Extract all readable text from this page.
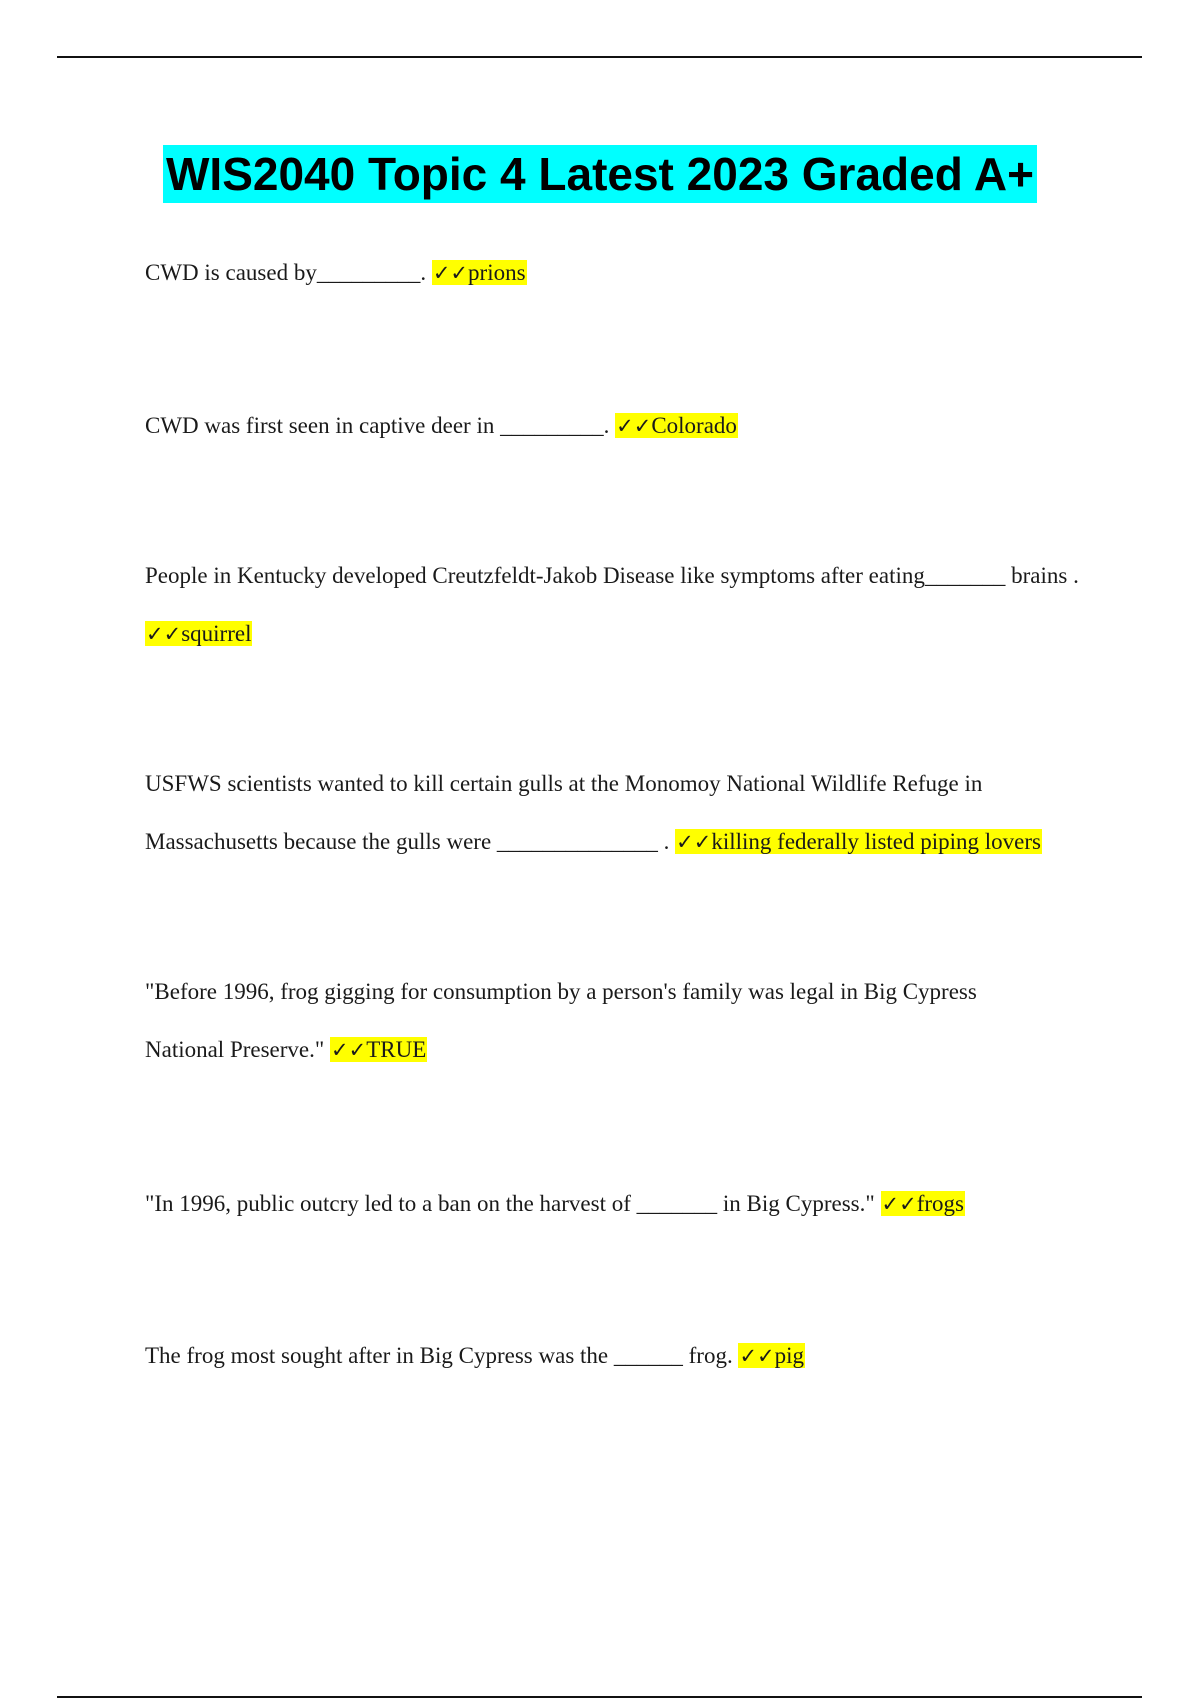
WIS2040 Topic 4 Latest 2023 Graded A+

CWD is caused by_________. ✓✓prions

CWD was first seen in captive deer in _________. ✓✓Colorado

People in Kentucky developed Creutzfeldt-Jakob Disease like symptoms after eating_______ brains . ✓✓squirrel

USFWS scientists wanted to kill certain gulls at the Monomoy National Wildlife Refuge in Massachusetts because the gulls were ______________ . ✓✓killing federally listed piping lovers

"Before 1996, frog gigging for consumption by a person's family was legal in Big Cypress National Preserve." ✓✓TRUE

"In 1996, public outcry led to a ban on the harvest of _______ in Big Cypress." ✓✓frogs

The frog most sought after in Big Cypress was the ______ frog. ✓✓pig
